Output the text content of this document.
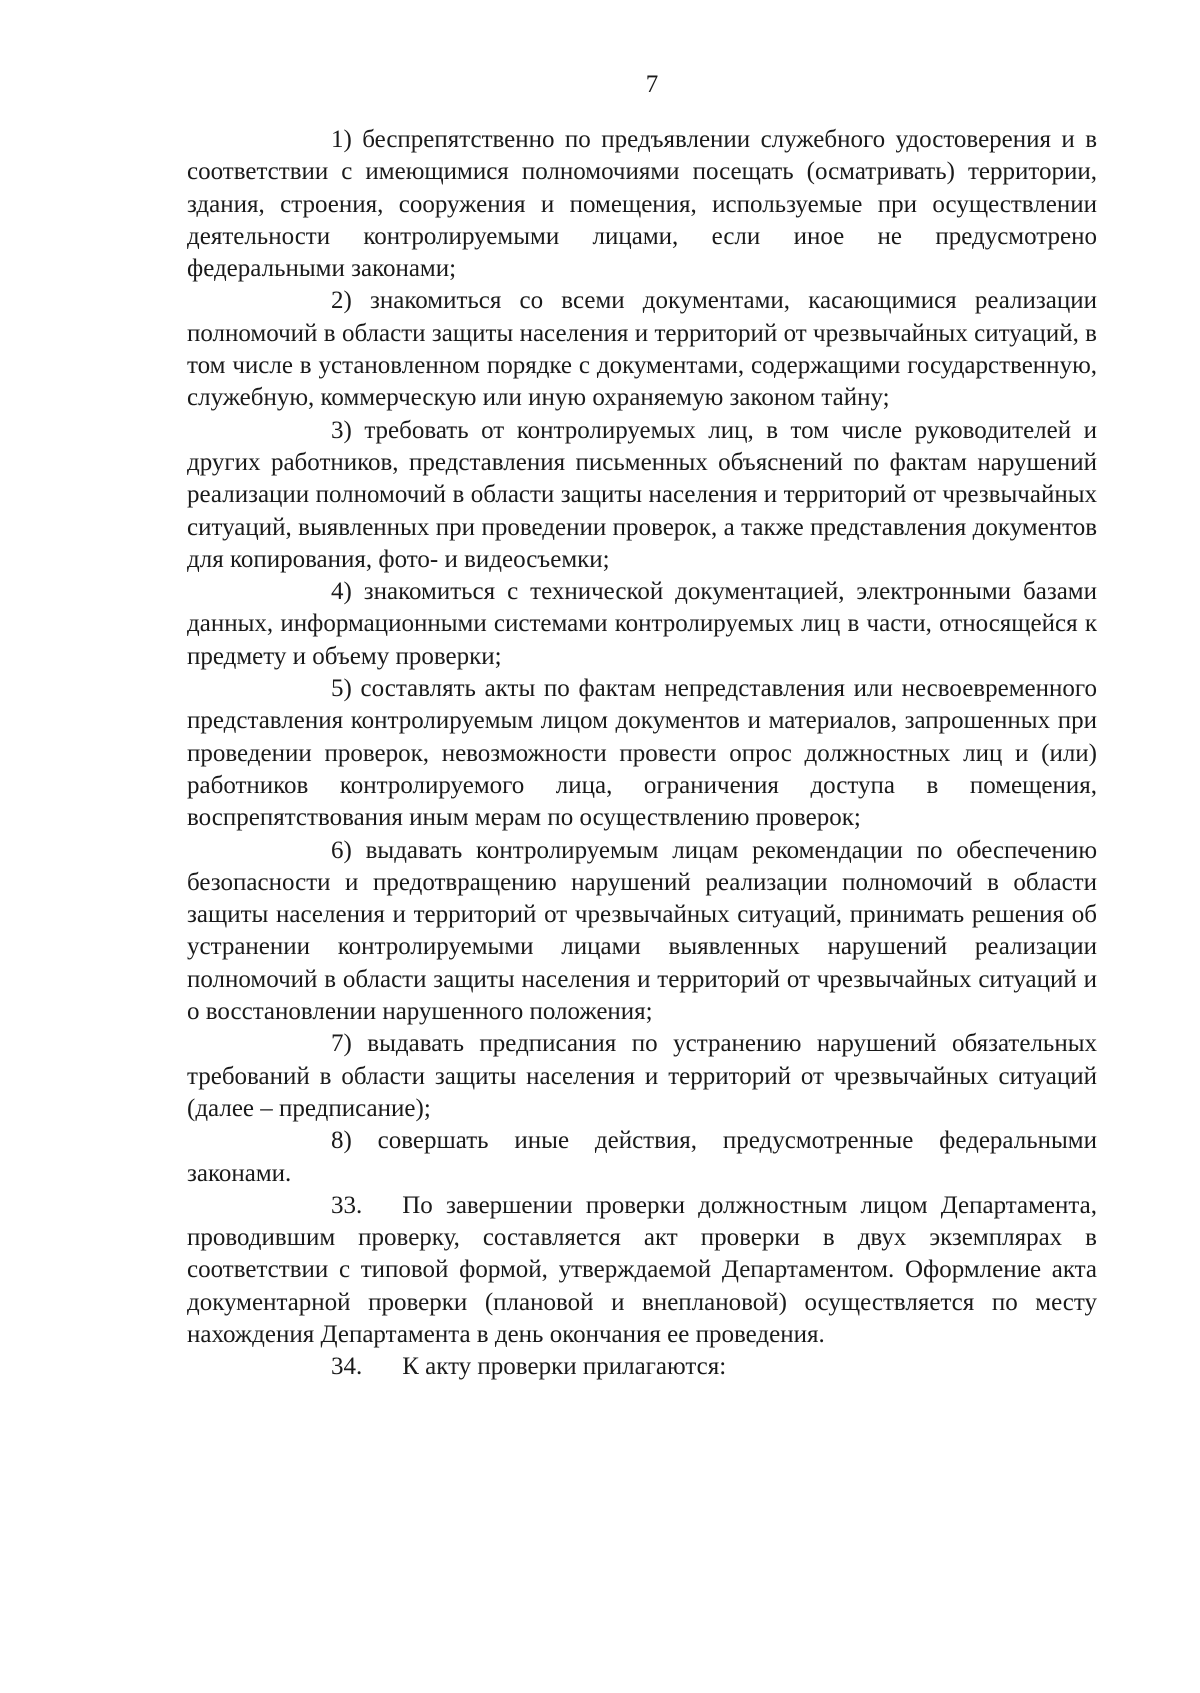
7

1) беспрепятственно по предъявлении служебного удостоверения и в соответствии с имеющимися полномочиями посещать (осматривать) территории, здания, строения, сооружения и помещения, используемые при осуществлении деятельности контролируемыми лицами, если иное не предусмотрено федеральными законами;

2) знакомиться со всеми документами, касающимися реализации полномочий в области защиты населения и территорий от чрезвычайных ситуаций, в том числе в установленном порядке с документами, содержащими государственную, служебную, коммерческую или иную охраняемую законом тайну;

3) требовать от контролируемых лиц, в том числе руководителей и других работников, представления письменных объяснений по фактам нарушений реализации полномочий в области защиты населения и территорий от чрезвычайных ситуаций, выявленных при проведении проверок, а также представления документов для копирования, фото- и видеосъемки;

4) знакомиться с технической документацией, электронными базами данных, информационными системами контролируемых лиц в части, относящейся к предмету и объему проверки;

5) составлять акты по фактам непредставления или несвоевременного представления контролируемым лицом документов и материалов, запрошенных при проведении проверок, невозможности провести опрос должностных лиц и (или) работников контролируемого лица, ограничения доступа в помещения, воспрепятствования иным мерам по осуществлению проверок;

6) выдавать контролируемым лицам рекомендации по обеспечению безопасности и предотвращению нарушений реализации полномочий в области защиты населения и территорий от чрезвычайных ситуаций, принимать решения об устранении контролируемыми лицами выявленных нарушений реализации полномочий в области защиты населения и территорий от чрезвычайных ситуаций и о восстановлении нарушенного положения;

7) выдавать предписания по устранению нарушений обязательных требований в области защиты населения и территорий от чрезвычайных ситуаций (далее – предписание);

8) совершать иные действия, предусмотренные федеральными законами.

33. По завершении проверки должностным лицом Департамента, проводившим проверку, составляется акт проверки в двух экземплярах в соответствии с типовой формой, утверждаемой Департаментом. Оформление акта документарной проверки (плановой и внеплановой) осуществляется по месту нахождения Департамента в день окончания ее проведения.

34. К акту проверки прилагаются:
